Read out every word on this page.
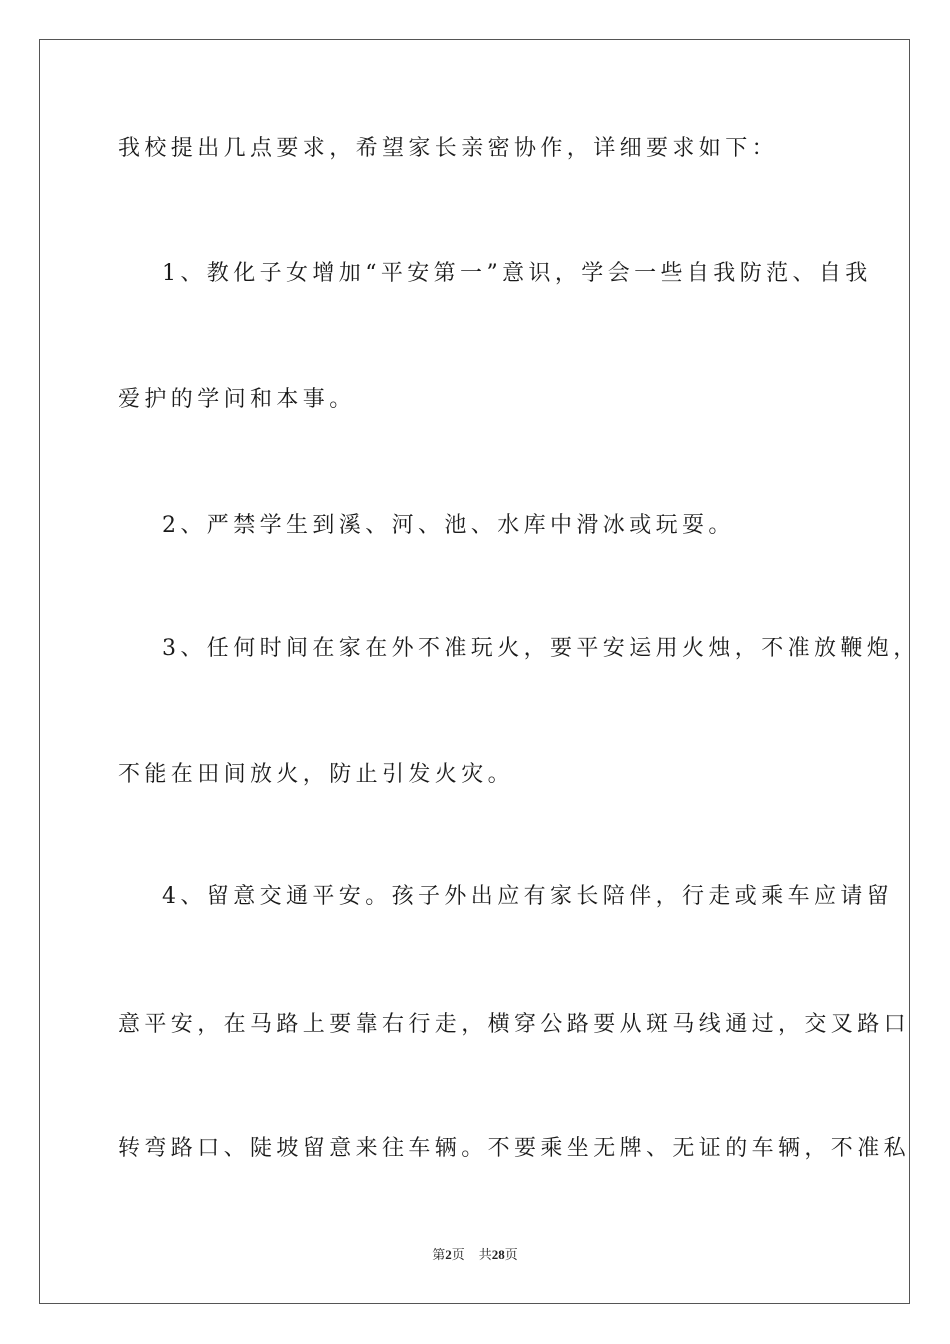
我校提出几点要求，希望家长亲密协作，详细要求如下：
1、教化子女增加“平安第一”意识，学会一些自我防范、自我
爱护的学问和本事。
2、严禁学生到溪、河、池、水库中滑冰或玩耍。
3、任何时间在家在外不准玩火，要平安运用火烛，不准放鞭炮，
不能在田间放火，防止引发火灾。
4、留意交通平安。孩子外出应有家长陪伴，行走或乘车应请留
意平安，在马路上要靠右行走，横穿公路要从斑马线通过，交叉路口
转弯路口、陡坡留意来往车辆。不要乘坐无牌、无证的车辆，不准私
第2页 共28页
